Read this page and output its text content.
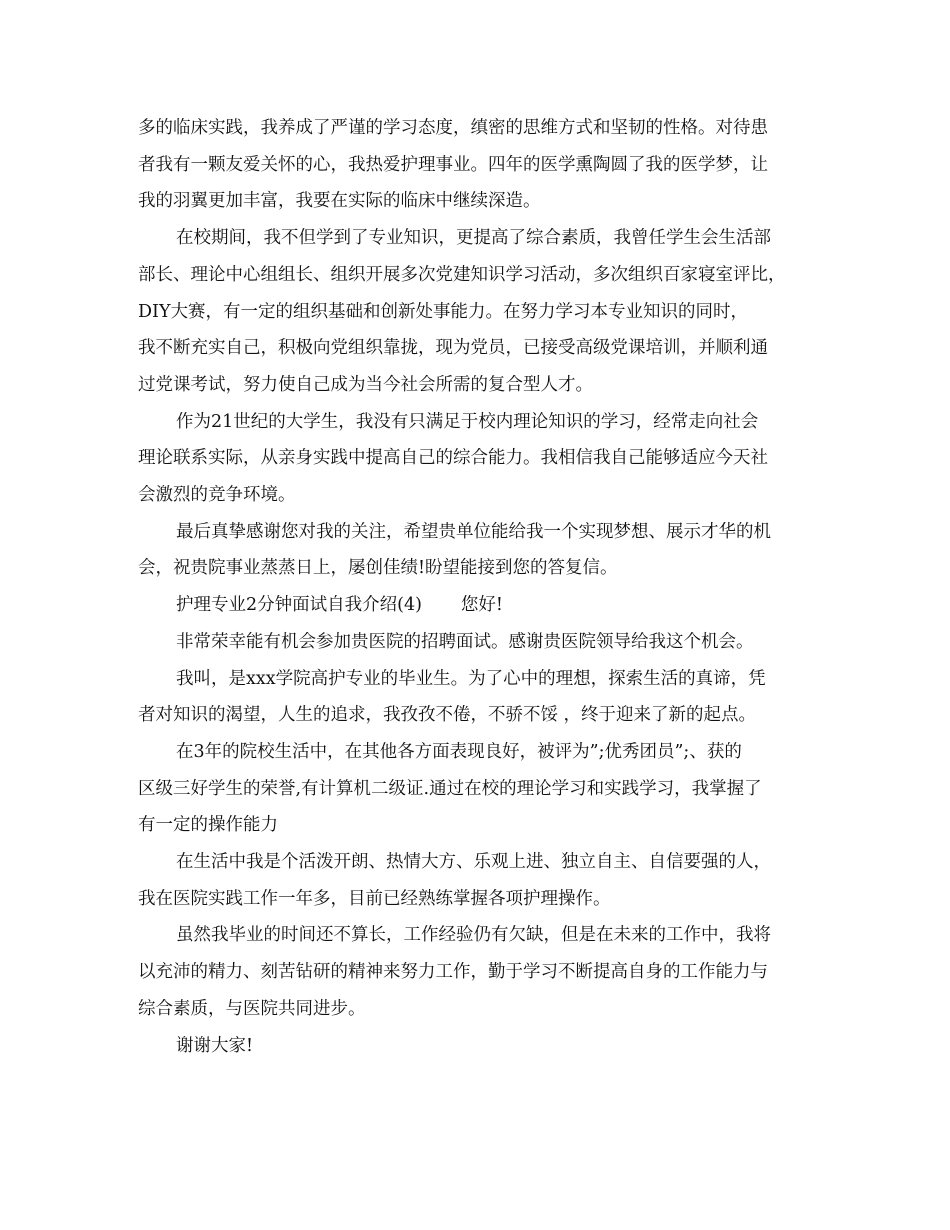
多的临床实践，我养成了严谨的学习态度，缜密的思维方式和坚韧的性格。对待患

者我有一颗友爱关怀的心，我热爱护理事业。四年的医学熏陶圆了我的医学梦，让

我的羽翼更加丰富，我要在实际的临床中继续深造。

在校期间，我不但学到了专业知识，更提高了综合素质，我曾任学生会生活部

部长、理论中心组组长、组织开展多次党建知识学习活动，多次组织百家寝室评比，

DIY大赛，有一定的组织基础和创新处事能力。在努力学习本专业知识的同时，

我不断充实自己，积极向党组织靠拢，现为党员，已接受高级党课培训，并顺利通

过党课考试，努力使自己成为当今社会所需的复合型人才。

作为21世纪的大学生，我没有只满足于校内理论知识的学习，经常走向社会

理论联系实际，从亲身实践中提高自己的综合能力。我相信我自己能够适应今天社

会激烈的竞争环境。

最后真挚感谢您对我的关注，希望贵单位能给我一个实现梦想、展示才华的机

会，祝贵院事业蒸蒸日上，屡创佳绩!盼望能接到您的答复信。

护理专业2分钟面试自我介绍(4)       您好!

非常荣幸能有机会参加贵医院的招聘面试。感谢贵医院领导给我这个机会。

我叫，是xxx学院高护专业的毕业生。为了心中的理想，探索生活的真谛，凭

者对知识的渴望，人生的追求，我孜孜不倦，不骄不馁 ，终于迎来了新的起点。

在3年的院校生活中，在其他各方面表现良好，被评为”;优秀团员”;、获的

区级三好学生的荣誉,有计算机二级证.通过在校的理论学习和实践学习，我掌握了

有一定的操作能力

在生活中我是个活泼开朗、热情大方、乐观上进、独立自主、自信要强的人，

我在医院实践工作一年多，目前已经熟练掌握各项护理操作。

虽然我毕业的时间还不算长，工作经验仍有欠缺，但是在未来的工作中，我将

以充沛的精力、刻苦钻研的精神来努力工作，勤于学习不断提高自身的工作能力与

综合素质，与医院共同进步。

谢谢大家!
